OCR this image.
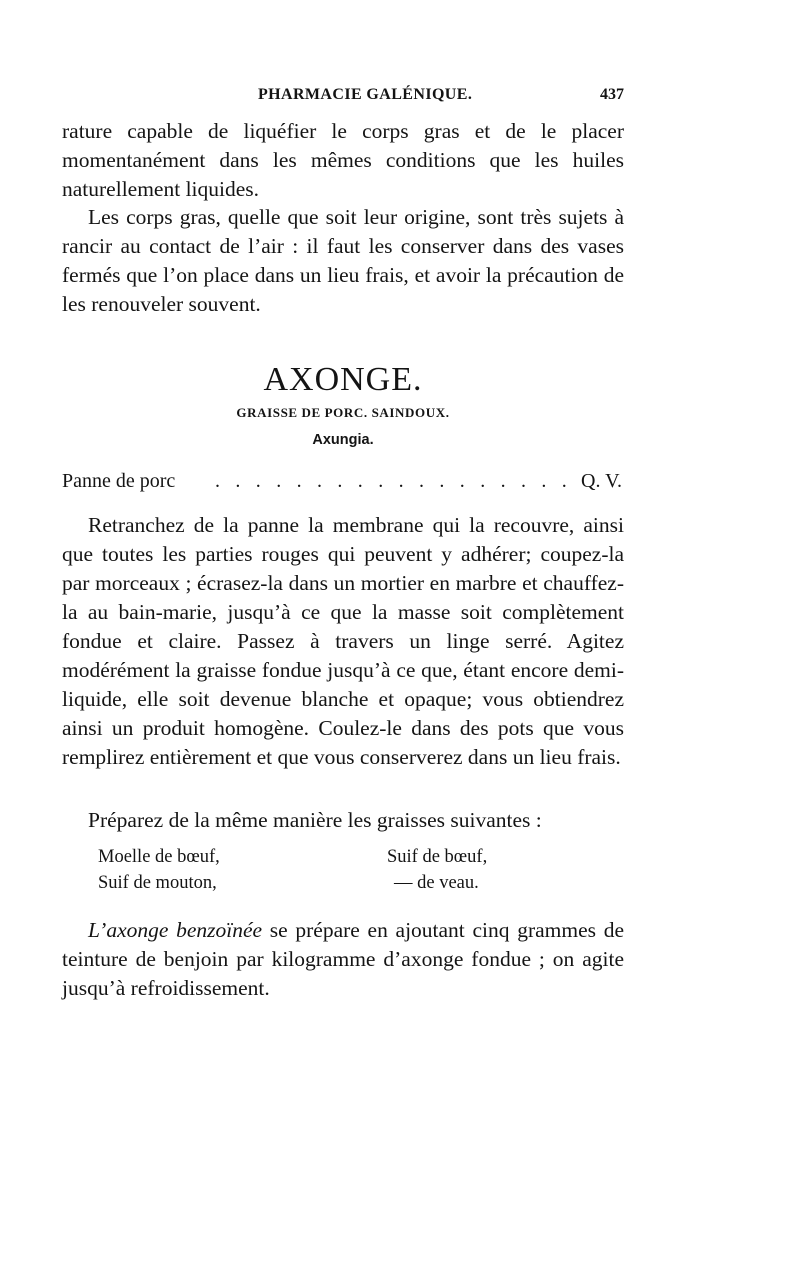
PHARMACIE GALÉNIQUE.	437

rature capable de liquéfier le corps gras et de le placer momentanément dans les mêmes conditions que les huiles naturellement liquides.

Les corps gras, quelle que soit leur origine, sont très sujets à rancir au contact de l’air : il faut les conserver dans des vases fermés que l’on place dans un lieu frais, et avoir la précaution de les renouveler souvent.

AXONGE.
GRAISSE DE PORC. SAINDOUX.
Axungia.
Panne de porc . . . . . . . . . . . . . . . . . . Q. V.

Retranchez de la panne la membrane qui la recouvre, ainsi que toutes les parties rouges qui peuvent y adhérer; coupez-la par morceaux ; écrasez-la dans un mortier en marbre et chauffez-la au bain-marie, jusqu’à ce que la masse soit complètement fondue et claire. Passez à travers un linge serré. Agitez modérément la graisse fondue jusqu’à ce que, étant encore demi-liquide, elle soit devenue blanche et opaque; vous obtiendrez ainsi un produit homogène. Coulez-le dans des pots que vous remplirez entièrement et que vous conserverez dans un lieu frais.

Préparez de la même manière les graisses suivantes :

Moelle de bœuf,	Suif de bœuf,
Suif de mouton,	— de veau.

L’axonge benzoïnée se prépare en ajoutant cinq grammes de teinture de benjoin par kilogramme d’axonge fondue ; on agite jusqu’à refroidissement.
